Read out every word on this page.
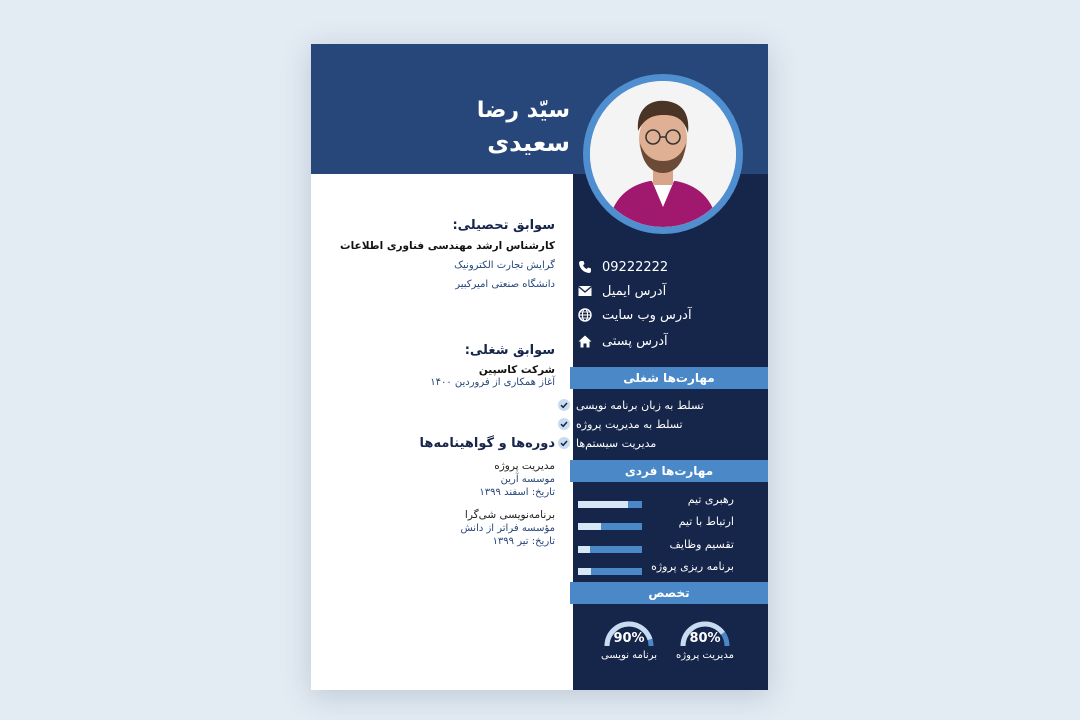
سیّد رضا
سعیدی
09222222
آدرس ایمیل
آدرس وب سایت
آدرس پستی
مهارت‌ها شغلی
تسلط به زبان برنامه نویسی
تسلط به مدیریت پروژه
مدیریت سیستم‌ها
مهارت‌ها فردی
رهبری تیم
ارتباط با تیم
تقسیم وظایف
برنامه ریزی پروژه
تخصص
80%
مدیریت پروژه
90%
برنامه نویسی
سوابق تحصیلی:
کارشناس ارشد مهندسی فناوری اطلاعات
گرایش تجارت الکترونیک
دانشگاه صنعتی امیرکبیر
سوابق شغلی:
شرکت کاسپین
آغاز همکاری از فروردین ۱۴۰۰
دوره‌ها و گواهینامه‌ها
مدیریت پروژه
موسسه آرین
تاریخ: اسفند ۱۳۹۹
برنامه‌نویسی شی‌گرا
مؤسسه فراتر از دانش
تاریخ: تیر ۱۳۹۹
